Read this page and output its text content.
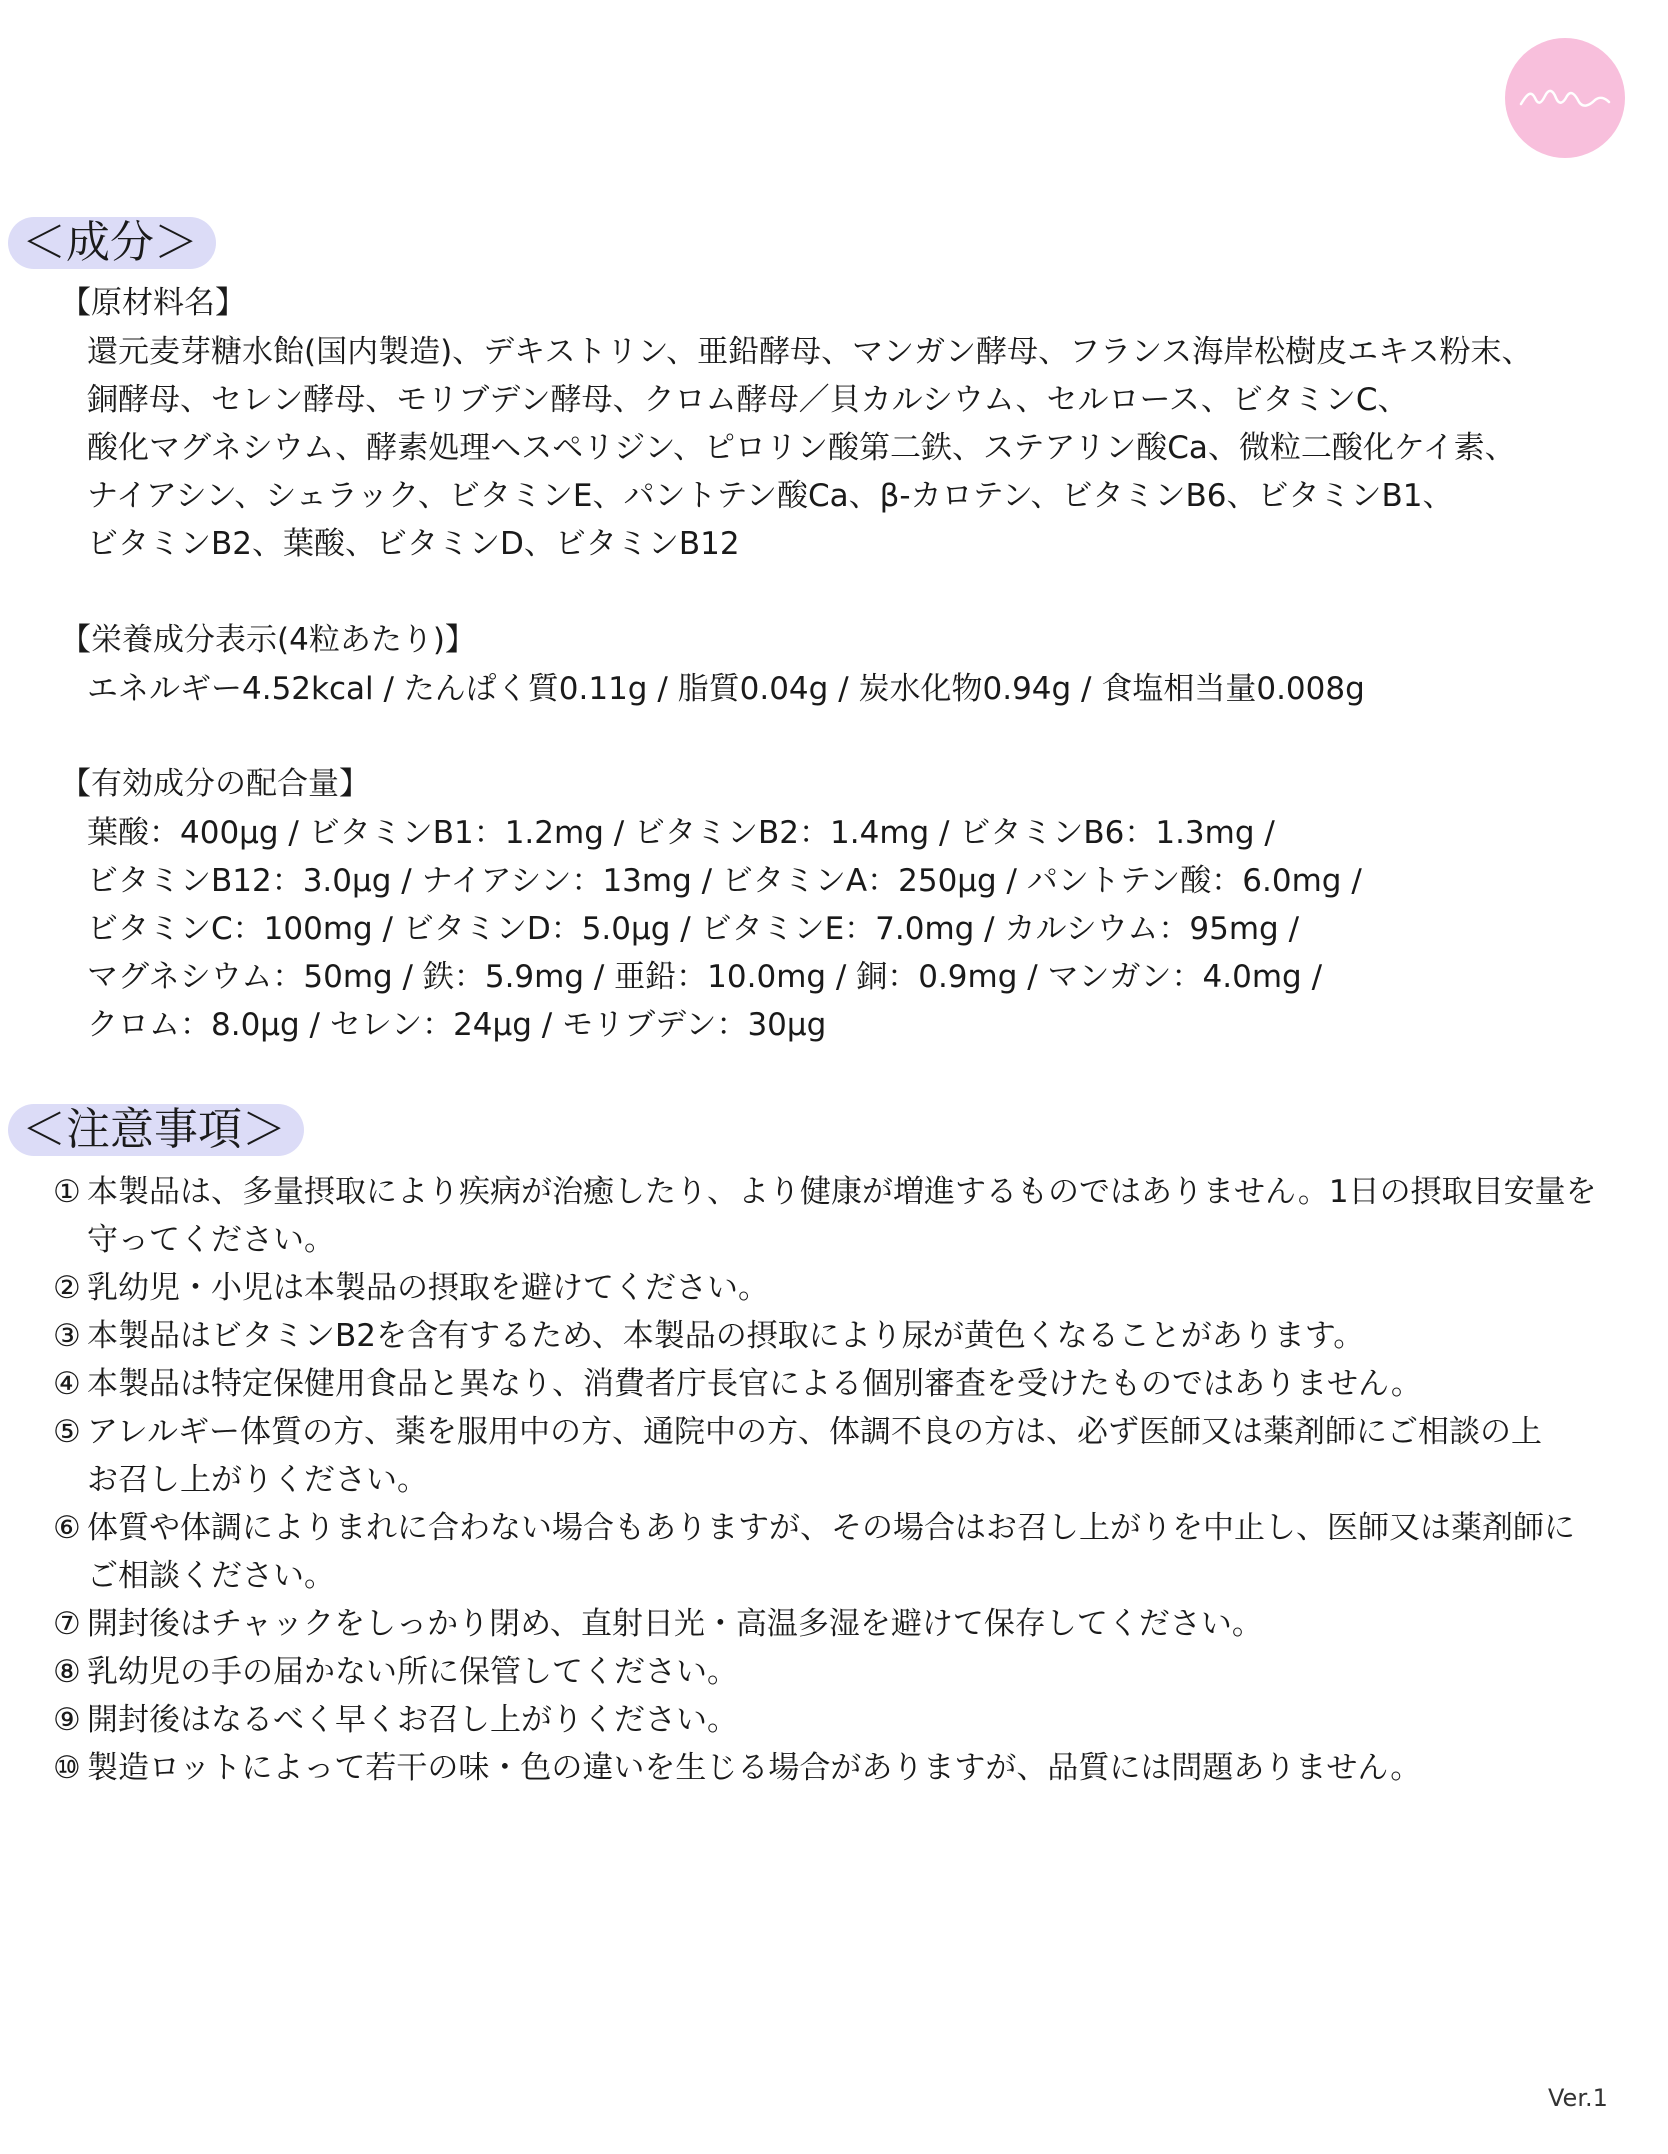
＜成分＞
【原材料名】
還元麦芽糖水飴(国内製造)、デキストリン、亜鉛酵母、マンガン酵母、フランス海岸松樹皮エキス粉末、
銅酵母、セレン酵母、モリブデン酵母、クロム酵母／貝カルシウム、セルロース、ビタミンC、
酸化マグネシウム、酵素処理ヘスペリジン、ピロリン酸第二鉄、ステアリン酸Ca、微粒二酸化ケイ素、
ナイアシン、シェラック、ビタミンE、パントテン酸Ca、β-カロテン、ビタミンB6、ビタミンB1、
ビタミンB2、葉酸、ビタミンD、ビタミンB12
【栄養成分表示(4粒あたり)】
エネルギー4.52kcal / たんぱく質0.11g / 脂質0.04g / 炭水化物0.94g / 食塩相当量0.008g
【有効成分の配合量】
葉酸：400μg / ビタミンB1：1.2mg / ビタミンB2：1.4mg / ビタミンB6：1.3mg /
ビタミンB12：3.0μg / ナイアシン：13mg / ビタミンA：250μg / パントテン酸：6.0mg /
ビタミンC：100mg / ビタミンD：5.0μg / ビタミンE：7.0mg / カルシウム：95mg /
マグネシウム：50mg / 鉄：5.9mg / 亜鉛：10.0mg / 銅：0.9mg / マンガン：4.0mg /
クロム：8.0μg / セレン：24μg / モリブデン：30μg
＜注意事項＞
① 本製品は、多量摂取により疾病が治癒したり、より健康が増進するものではありません。1日の摂取目安量を
守ってください。
② 乳幼児・小児は本製品の摂取を避けてください。
③ 本製品はビタミンB2を含有するため、本製品の摂取により尿が黄色くなることがあります。
④ 本製品は特定保健用食品と異なり、消費者庁長官による個別審査を受けたものではありません。
⑤ アレルギー体質の方、薬を服用中の方、通院中の方、体調不良の方は、必ず医師又は薬剤師にご相談の上
お召し上がりください。
⑥ 体質や体調によりまれに合わない場合もありますが、その場合はお召し上がりを中止し、医師又は薬剤師に
ご相談ください。
⑦ 開封後はチャックをしっかり閉め、直射日光・高温多湿を避けて保存してください。
⑧ 乳幼児の手の届かない所に保管してください。
⑨ 開封後はなるべく早くお召し上がりください。
⑩ 製造ロットによって若干の味・色の違いを生じる場合がありますが、品質には問題ありません。
Ver.1
